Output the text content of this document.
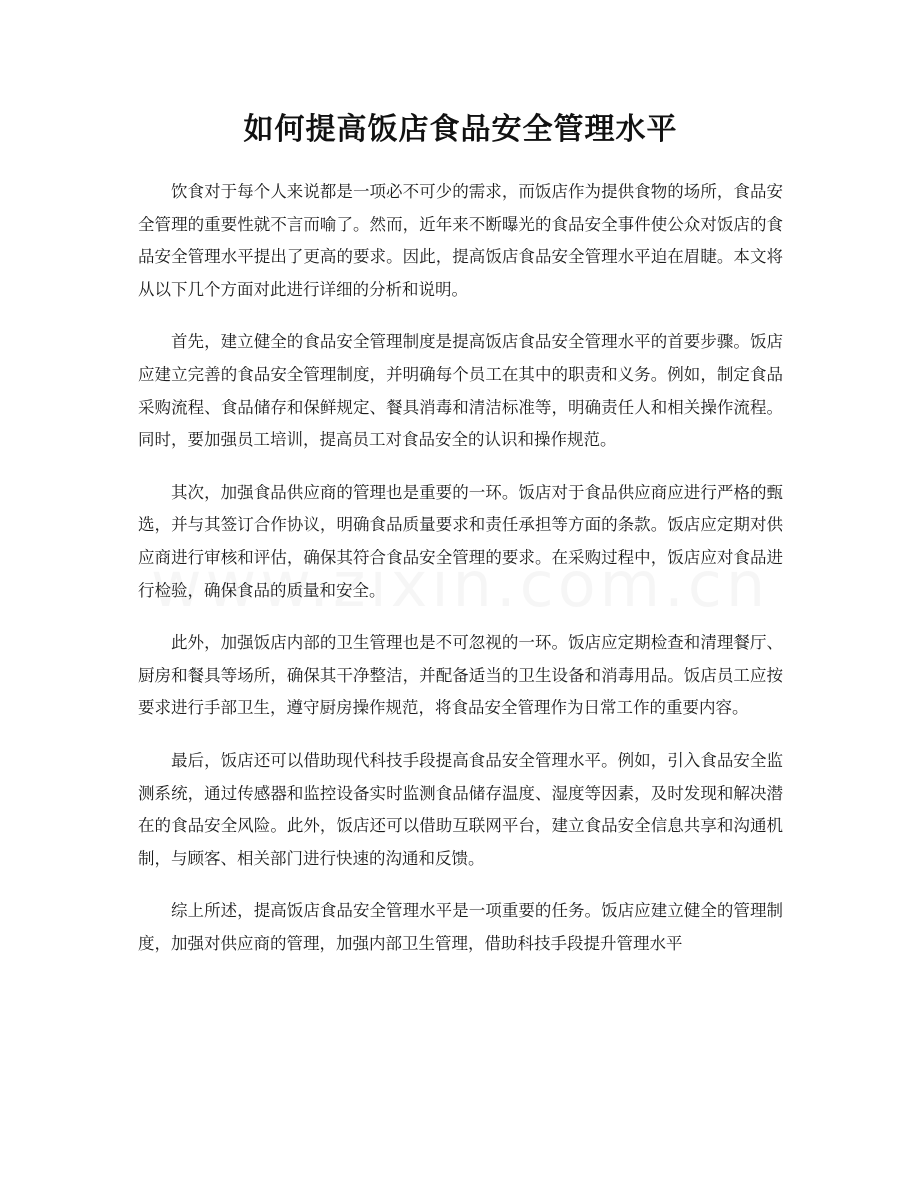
如何提高饭店食品安全管理水平

饮食对于每个人来说都是一项必不可少的需求，而饭店作为提供食物的场所，食品安全管理的重要性就不言而喻了。然而，近年来不断曝光的食品安全事件使公众对饭店的食品安全管理水平提出了更高的要求。因此，提高饭店食品安全管理水平迫在眉睫。本文将从以下几个方面对此进行详细的分析和说明。

首先，建立健全的食品安全管理制度是提高饭店食品安全管理水平的首要步骤。饭店应建立完善的食品安全管理制度，并明确每个员工在其中的职责和义务。例如，制定食品采购流程、食品储存和保鲜规定、餐具消毒和清洁标准等，明确责任人和相关操作流程。同时，要加强员工培训，提高员工对食品安全的认识和操作规范。

其次，加强食品供应商的管理也是重要的一环。饭店对于食品供应商应进行严格的甄选，并与其签订合作协议，明确食品质量要求和责任承担等方面的条款。饭店应定期对供应商进行审核和评估，确保其符合食品安全管理的要求。在采购过程中，饭店应对食品进行检验，确保食品的质量和安全。

此外，加强饭店内部的卫生管理也是不可忽视的一环。饭店应定期检查和清理餐厅、厨房和餐具等场所，确保其干净整洁，并配备适当的卫生设备和消毒用品。饭店员工应按要求进行手部卫生，遵守厨房操作规范，将食品安全管理作为日常工作的重要内容。

最后，饭店还可以借助现代科技手段提高食品安全管理水平。例如，引入食品安全监测系统，通过传感器和监控设备实时监测食品储存温度、湿度等因素，及时发现和解决潜在的食品安全风险。此外，饭店还可以借助互联网平台，建立食品安全信息共享和沟通机制，与顾客、相关部门进行快速的沟通和反馈。

综上所述，提高饭店食品安全管理水平是一项重要的任务。饭店应建立健全的管理制度，加强对供应商的管理，加强内部卫生管理，借助科技手段提升管理水平
